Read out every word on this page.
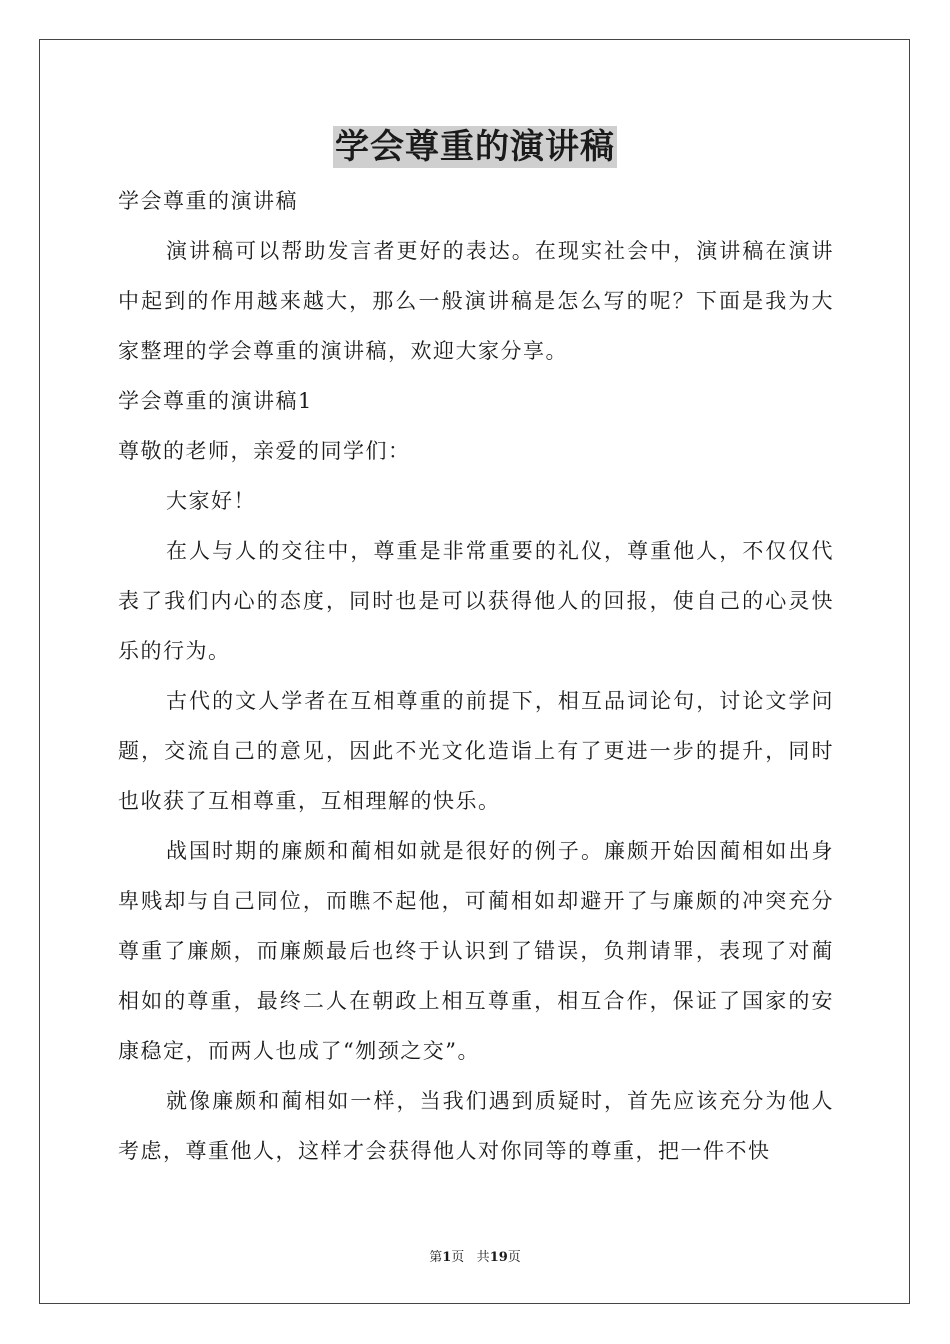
学会尊重的演讲稿

学会尊重的演讲稿

演讲稿可以帮助发言者更好的表达。在现实社会中，演讲稿在演讲中起到的作用越来越大，那么一般演讲稿是怎么写的呢？下面是我为大家整理的学会尊重的演讲稿，欢迎大家分享。

学会尊重的演讲稿1

尊敬的老师，亲爱的同学们：

大家好！

在人与人的交往中，尊重是非常重要的礼仪，尊重他人，不仅仅代表了我们内心的态度，同时也是可以获得他人的回报，使自己的心灵快乐的行为。

古代的文人学者在互相尊重的前提下，相互品词论句，讨论文学问题，交流自己的意见，因此不光文化造诣上有了更进一步的提升，同时也收获了互相尊重，互相理解的快乐。

战国时期的廉颇和蔺相如就是很好的例子。廉颇开始因蔺相如出身卑贱却与自己同位，而瞧不起他，可蔺相如却避开了与廉颇的冲突充分尊重了廉颇，而廉颇最后也终于认识到了错误，负荆请罪，表现了对蔺相如的尊重，最终二人在朝政上相互尊重，相互合作，保证了国家的安康稳定，而两人也成了“刎颈之交”。

就像廉颇和蔺相如一样，当我们遇到质疑时，首先应该充分为他人考虑，尊重他人，这样才会获得他人对你同等的尊重，把一件不快

第1页 共19页
